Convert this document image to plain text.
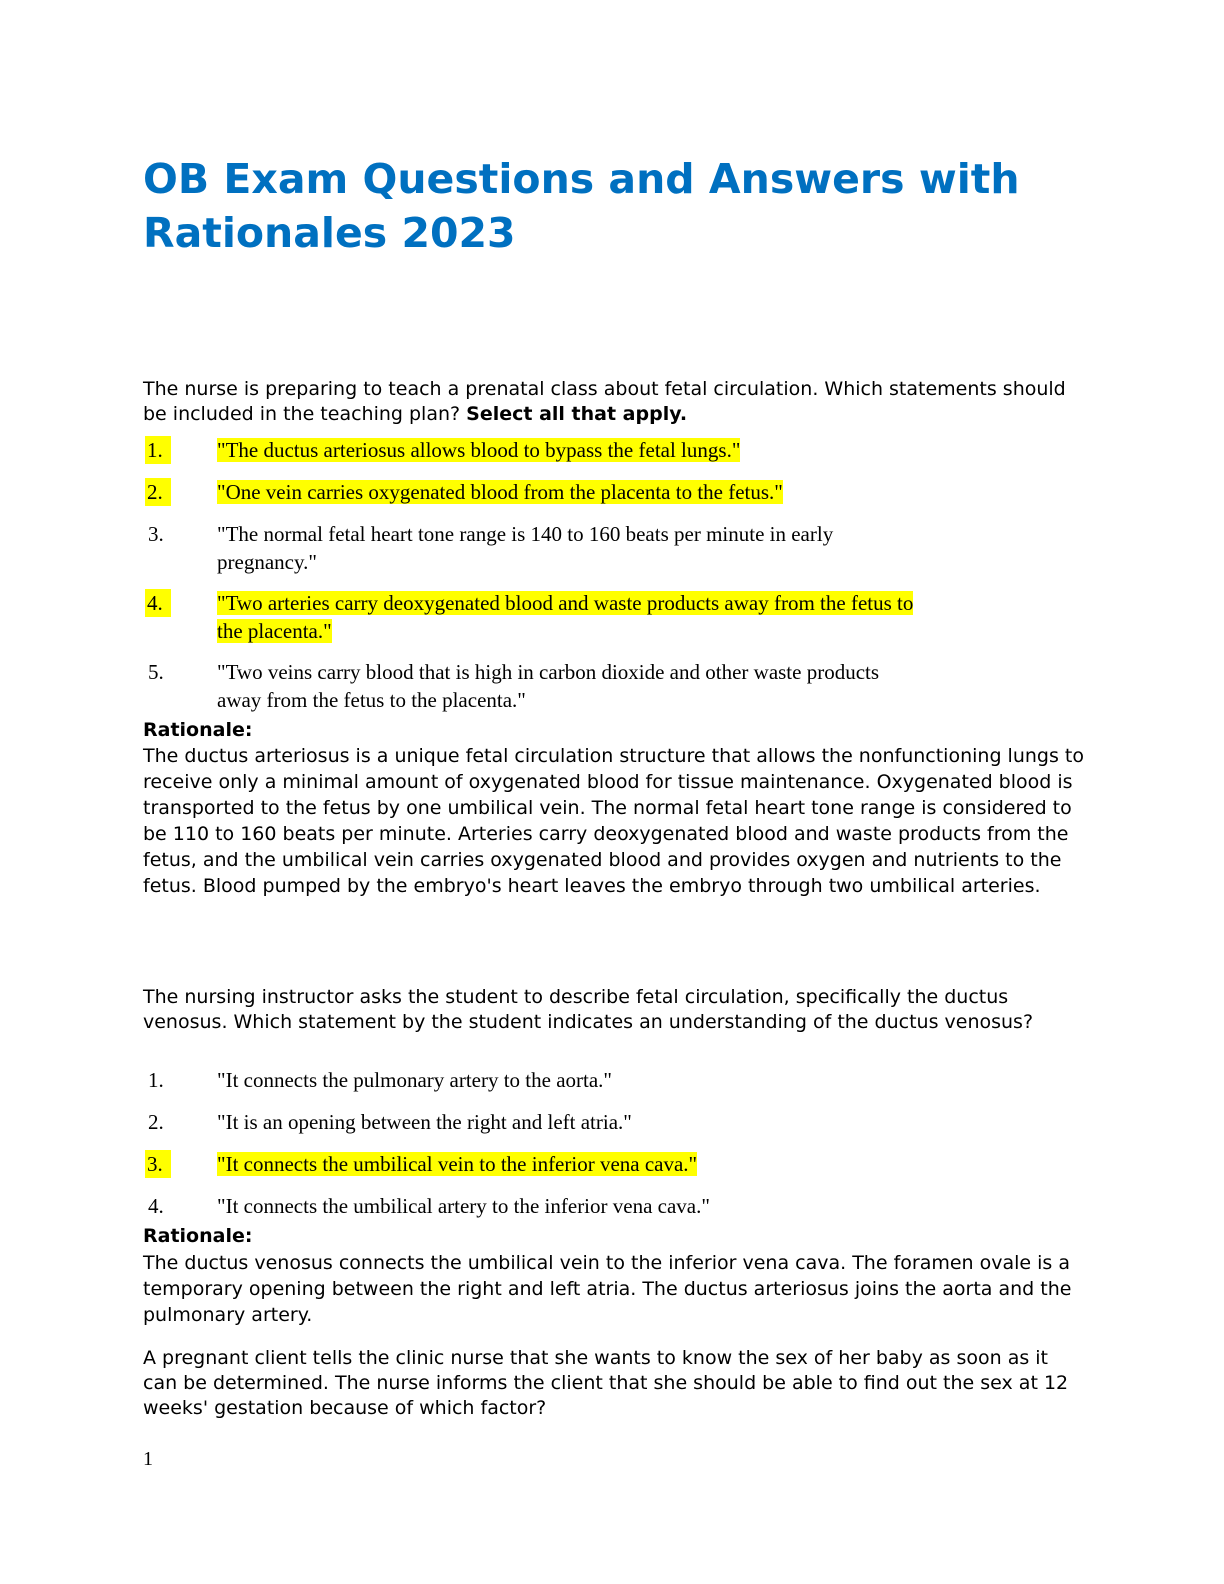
OB Exam Questions and Answers with Rationales 2023
The nurse is preparing to teach a prenatal class about fetal circulation. Which statements should be included in the teaching plan? Select all that apply.
1.	"The ductus arteriosus allows blood to bypass the fetal lungs."
2.	"One vein carries oxygenated blood from the placenta to the fetus."
3.	"The normal fetal heart tone range is 140 to 160 beats per minute in early pregnancy."
4.	"Two arteries carry deoxygenated blood and waste products away from the fetus to the placenta."
5.	"Two veins carry blood that is high in carbon dioxide and other waste products away from the fetus to the placenta."
Rationale:
The ductus arteriosus is a unique fetal circulation structure that allows the nonfunctioning lungs to receive only a minimal amount of oxygenated blood for tissue maintenance. Oxygenated blood is transported to the fetus by one umbilical vein. The normal fetal heart tone range is considered to be 110 to 160 beats per minute. Arteries carry deoxygenated blood and waste products from the fetus, and the umbilical vein carries oxygenated blood and provides oxygen and nutrients to the fetus. Blood pumped by the embryo's heart leaves the embryo through two umbilical arteries.
The nursing instructor asks the student to describe fetal circulation, specifically the ductus venosus. Which statement by the student indicates an understanding of the ductus venosus?
1.	"It connects the pulmonary artery to the aorta."
2.	"It is an opening between the right and left atria."
3.	"It connects the umbilical vein to the inferior vena cava."
4.	"It connects the umbilical artery to the inferior vena cava."
Rationale:
The ductus venosus connects the umbilical vein to the inferior vena cava. The foramen ovale is a temporary opening between the right and left atria. The ductus arteriosus joins the aorta and the pulmonary artery.
A pregnant client tells the clinic nurse that she wants to know the sex of her baby as soon as it can be determined. The nurse informs the client that she should be able to find out the sex at 12 weeks' gestation because of which factor?
1
